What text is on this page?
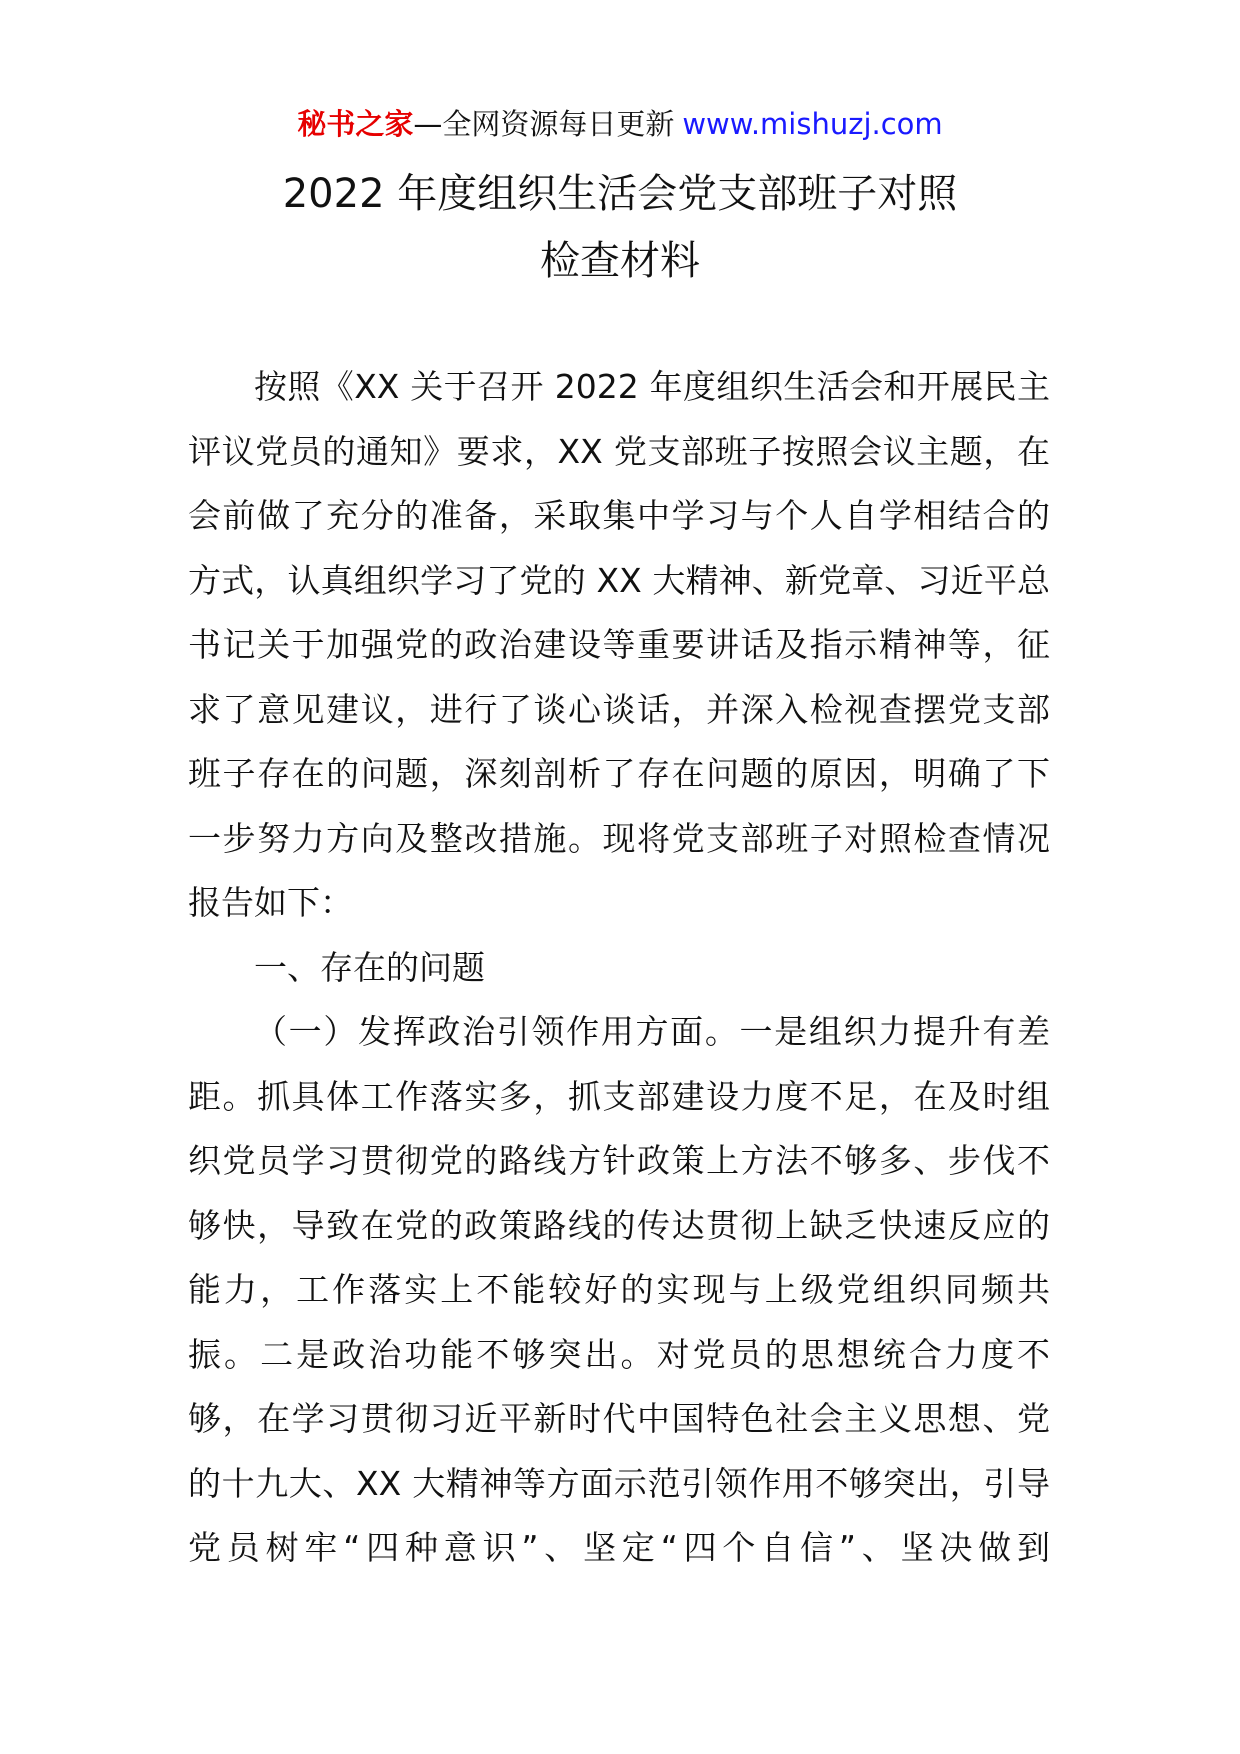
秘书之家—全网资源每日更新 www.mishuzj.com
2022 年度组织生活会党支部班子对照
检查材料
按照《XX 关于召开 2022 年度组织生活会和开展民主
评议党员的通知》要求，XX 党支部班子按照会议主题，在
会前做了充分的准备，采取集中学习与个人自学相结合的
方式，认真组织学习了党的 XX 大精神、新党章、习近平总
书记关于加强党的政治建设等重要讲话及指示精神等，征
求了意见建议，进行了谈心谈话，并深入检视查摆党支部
班子存在的问题，深刻剖析了存在问题的原因，明确了下
一步努力方向及整改措施。现将党支部班子对照检查情况
报告如下：
一、存在的问题
（一）发挥政治引领作用方面。一是组织力提升有差
距。抓具体工作落实多，抓支部建设力度不足，在及时组
织党员学习贯彻党的路线方针政策上方法不够多、步伐不
够快，导致在党的政策路线的传达贯彻上缺乏快速反应的
能力，工作落实上不能较好的实现与上级党组织同频共
振。二是政治功能不够突出。对党员的思想统合力度不
够，在学习贯彻习近平新时代中国特色社会主义思想、党
的十九大、XX 大精神等方面示范引领作用不够突出，引导
党员树牢“四种意识”、坚定“四个自信”、坚决做到
